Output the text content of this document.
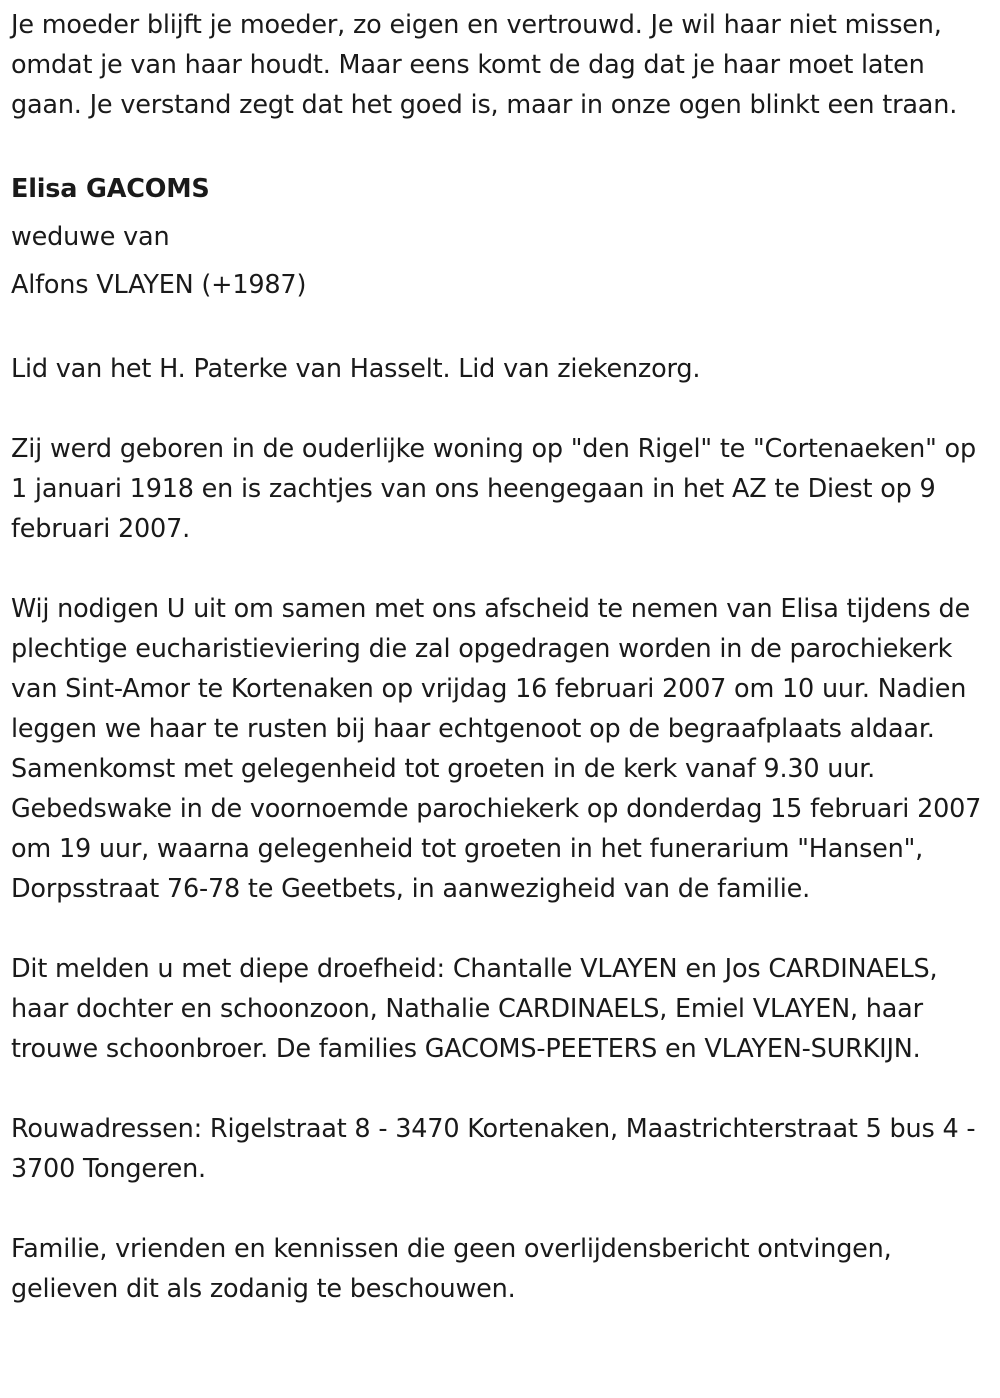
Je moeder blijft je moeder, zo eigen en vertrouwd. Je wil haar niet missen, omdat je van haar houdt. Maar eens komt de dag dat je haar moet laten gaan. Je verstand zegt dat het goed is, maar in onze ogen blinkt een traan.

Elisa GACOMS

weduwe van

Alfons VLAYEN (+1987)

Lid van het H. Paterke van Hasselt. Lid van ziekenzorg.

Zij werd geboren in de ouderlijke woning op "den Rigel" te "Cortenaeken" op 1 januari 1918 en is zachtjes van ons heengegaan in het AZ te Diest op 9 februari 2007.

Wij nodigen U uit om samen met ons afscheid te nemen van Elisa tijdens de plechtige eucharistieviering die zal opgedragen worden in de parochiekerk van Sint-Amor te Kortenaken op vrijdag 16 februari 2007 om 10 uur. Nadien leggen we haar te rusten bij haar echtgenoot op de begraafplaats aldaar. Samenkomst met gelegenheid tot groeten in de kerk vanaf 9.30 uur. Gebedswake in de voornoemde parochiekerk op donderdag 15 februari 2007 om 19 uur, waarna gelegenheid tot groeten in het funerarium "Hansen", Dorpsstraat 76-78 te Geetbets, in aanwezigheid van de familie.

Dit melden u met diepe droefheid: Chantalle VLAYEN en Jos CARDINAELS, haar dochter en schoonzoon, Nathalie CARDINAELS, Emiel VLAYEN, haar trouwe schoonbroer. De families GACOMS-PEETERS en VLAYEN-SURKIJN.

Rouwadressen: Rigelstraat 8 - 3470 Kortenaken, Maastrichterstraat 5 bus 4 - 3700 Tongeren.

Familie, vrienden en kennissen die geen overlijdensbericht ontvingen, gelieven dit als zodanig te beschouwen.
